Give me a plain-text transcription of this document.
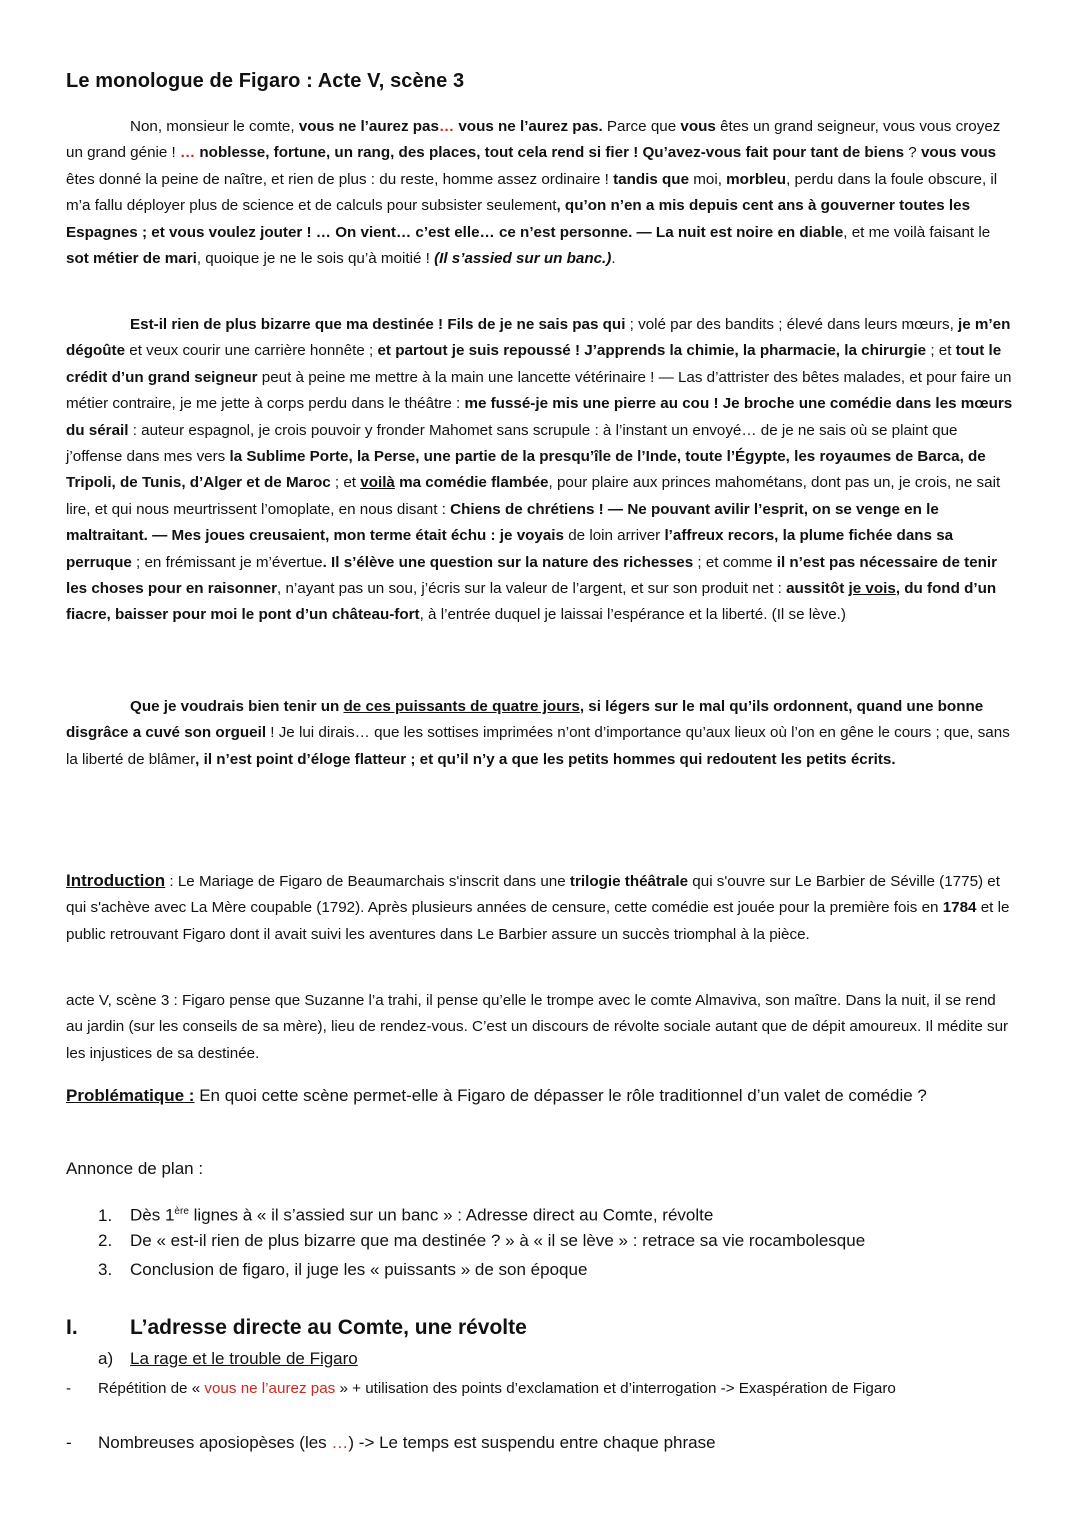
Le monologue de Figaro : Acte V, scène 3
Non, monsieur le comte, vous ne l’aurez pas… vous ne l’aurez pas. Parce que vous êtes un grand seigneur, vous vous croyez un grand génie ! … noblesse, fortune, un rang, des places, tout cela rend si fier ! Qu’avez-vous fait pour tant de biens ? vous vous êtes donné la peine de naître, et rien de plus : du reste, homme assez ordinaire ! tandis que moi, morbleu, perdu dans la foule obscure, il m’a fallu déployer plus de science et de calculs pour subsister seulement, qu’on n’en a mis depuis cent ans à gouverner toutes les Espagnes ; et vous voulez jouter ! … On vient… c’est elle… ce n’est personne. — La nuit est noire en diable, et me voilà faisant le sot métier de mari, quoique je ne le sois qu’à moitié ! (Il s’assied sur un banc.).
Est-il rien de plus bizarre que ma destinée ! Fils de je ne sais pas qui ; volé par des bandits ; élevé dans leurs mœurs, je m’en dégoûte et veux courir une carrière honnête ; et partout je suis repoussé ! J’apprends la chimie, la pharmacie, la chirurgie ; et tout le crédit d’un grand seigneur peut à peine me mettre à la main une lancette vétérinaire ! — Las d’attrister des bêtes malades, et pour faire un métier contraire, je me jette à corps perdu dans le théâtre : me fussé-je mis une pierre au cou ! Je broche une comédie dans les mœurs du sérail : auteur espagnol, je crois pouvoir y fronder Mahomet sans scrupule : à l’instant un envoyé… de je ne sais où se plaint que j’offense dans mes vers la Sublime Porte, la Perse, une partie de la presqu’île de l’Inde, toute l’Égypte, les royaumes de Barca, de Tripoli, de Tunis, d’Alger et de Maroc ; et voilà ma comédie flambée, pour plaire aux princes mahométans, dont pas un, je crois, ne sait lire, et qui nous meurtrissent l’omoplate, en nous disant : Chiens de chrétiens ! — Ne pouvant avilir l’esprit, on se venge en le maltraitant. — Mes joues creusaient, mon terme était échu : je voyais de loin arriver l’affreux recors, la plume fichée dans sa perruque ; en frémissant je m’évertue. Il s’élève une question sur la nature des richesses ; et comme il n’est pas nécessaire de tenir les choses pour en raisonner, n’ayant pas un sou, j’écris sur la valeur de l’argent, et sur son produit net : aussitôt je vois, du fond d’un fiacre, baisser pour moi le pont d’un château-fort, à l’entrée duquel je laissai l’espérance et la liberté. (Il se lève.)
Que je voudrais bien tenir un de ces puissants de quatre jours, si légers sur le mal qu’ils ordonnent, quand une bonne disgrâce a cuvé son orgueil ! Je lui dirais… que les sottises imprimées n’ont d’importance qu’aux lieux où l’on en gêne le cours ; que, sans la liberté de blâmer, il n’est point d’éloge flatteur ; et qu’il n’y a que les petits hommes qui redoutent les petits écrits.
Introduction : Le Mariage de Figaro de Beaumarchais s'inscrit dans une trilogie théâtrale qui s'ouvre sur Le Barbier de Séville (1775) et qui s'achève avec La Mère coupable (1792). Après plusieurs années de censure, cette comédie est jouée pour la première fois en 1784 et le public retrouvant Figaro dont il avait suivi les aventures dans Le Barbier assure un succès triomphal à la pièce.
acte V, scène 3 : Figaro pense que Suzanne l’a trahi, il pense qu’elle le trompe avec le comte Almaviva, son maître. Dans la nuit, il se rend au jardin (sur les conseils de sa mère), lieu de rendez-vous. C’est un discours de révolte sociale autant que de dépit amoureux. Il médite sur les injustices de sa destinée.
Problématique : En quoi cette scène permet-elle à Figaro de dépasser le rôle traditionnel d’un valet de comédie ?
Annonce de plan :
1. Dès 1ère lignes à « il s’assied sur un banc » : Adresse direct au Comte, révolte
2. De « est-il rien de plus bizarre que ma destinée ? » à « il se lève » : retrace sa vie rocambolesque
3. Conclusion de figaro, il juge les « puissants » de son époque
I. L’adresse directe au Comte, une révolte
a) La rage et le trouble de Figaro
- Répétition de « vous ne l’aurez pas » + utilisation des points d’exclamation et d’interrogation -> Exaspération de Figaro
- Nombreuses aposiopèses (les …) -> Le temps est suspendu entre chaque phrase
